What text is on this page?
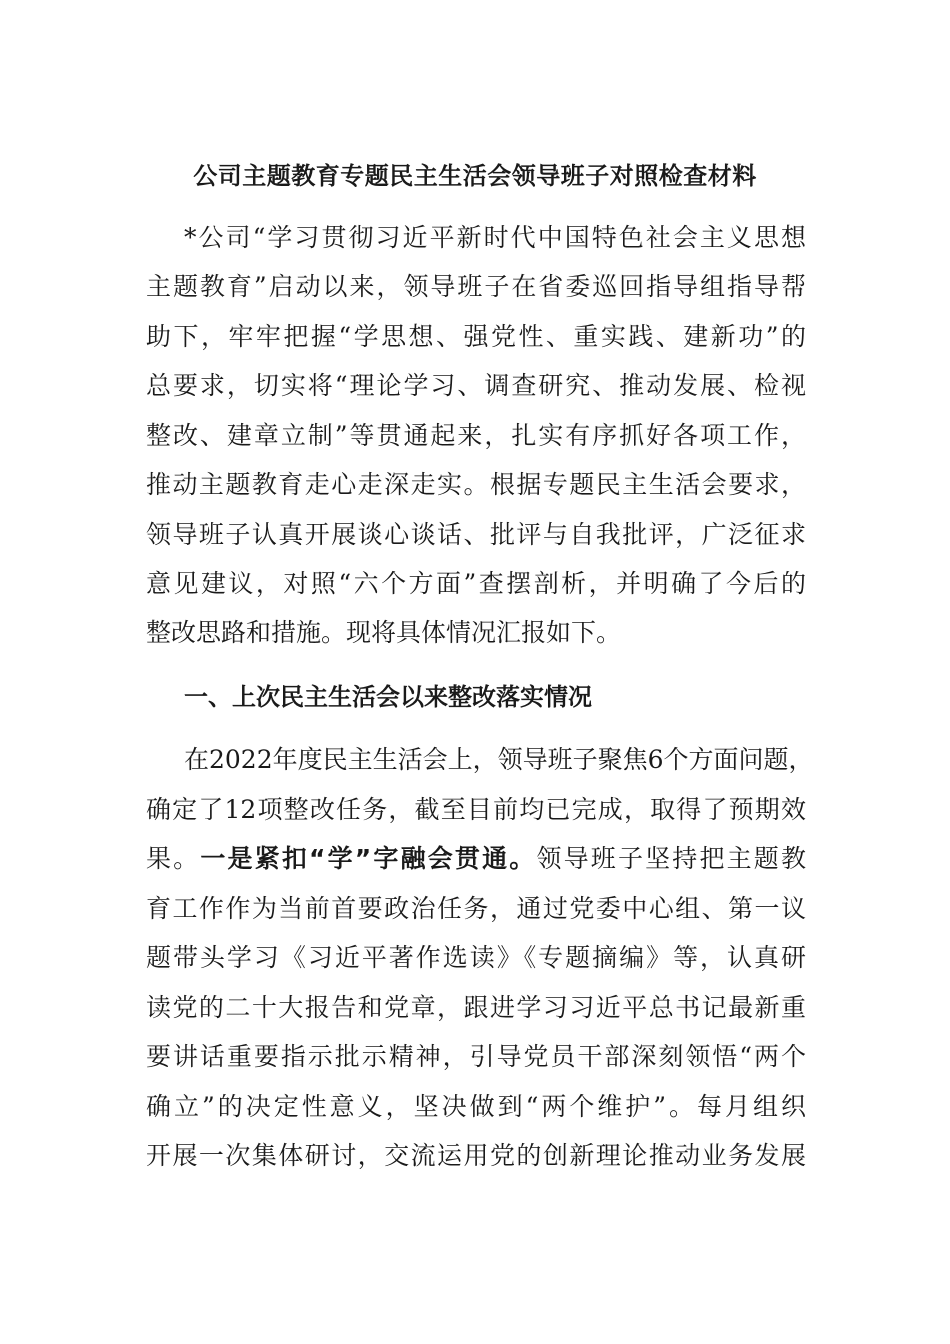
公司主题教育专题民主生活会领导班子对照检查材料
*公司“学习贯彻习近平新时代中国特色社会主义思想
主题教育”启动以来，领导班子在省委巡回指导组指导帮
助下，牢牢把握“学思想、强党性、重实践、建新功”的
总要求，切实将“理论学习、调查研究、推动发展、检视
整改、建章立制”等贯通起来，扎实有序抓好各项工作，
推动主题教育走心走深走实。根据专题民主生活会要求，
领导班子认真开展谈心谈话、批评与自我批评，广泛征求
意见建议，对照“六个方面”查摆剖析，并明确了今后的
整改思路和措施。现将具体情况汇报如下。
一、上次民主生活会以来整改落实情况
在2022年度民主生活会上，领导班子聚焦6个方面问题，
确定了12项整改任务，截至目前均已完成，取得了预期效
果。一是紧扣“学”字融会贯通。领导班子坚持把主题教
育工作作为当前首要政治任务，通过党委中心组、第一议
题带头学习《习近平著作选读》《专题摘编》等，认真研
读党的二十大报告和党章，跟进学习习近平总书记最新重
要讲话重要指示批示精神，引导党员干部深刻领悟“两个
确立”的决定性意义，坚决做到“两个维护”。每月组织
开展一次集体研讨，交流运用党的创新理论推动业务发展
